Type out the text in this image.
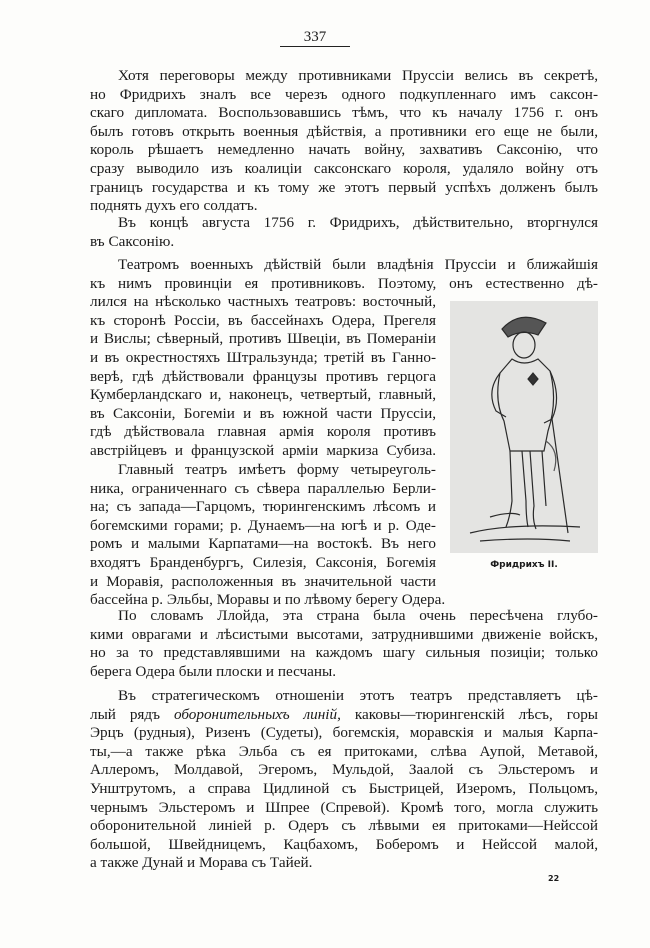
337
Хотя переговоры между противниками Пруссіи велись въ секретѣ,
но Фридрихъ зналъ все черезъ одного подкупленнаго имъ саксон-
скаго дипломата. Воспользовавшись тѣмъ, что къ началу 1756 г. онъ
былъ готовъ открыть военныя дѣйствія, а противники его еще не были,
король рѣшаетъ немедленно начать войну, захвативъ Саксонію, что
сразу выводило изъ коалиціи саксонскаго короля, удаляло войну отъ
границъ государства и къ тому же этотъ первый успѣхъ долженъ былъ
поднять духъ его солдатъ.
Въ концѣ августа 1756 г. Фридрихъ, дѣйствительно, вторгнулся
въ Саксонію.
Театромъ военныхъ дѣйствій были владѣнія Пруссіи и ближайшія
къ нимъ провинціи ея противниковъ. Поэтому, онъ естественно дѣ-
лился на нѣсколько частныхъ театровъ: восточный,
къ сторонѣ Россіи, въ бассейнахъ Одера, Прегеля
и Вислы; сѣверный, противъ Швеціи, въ Помераніи
и въ окрестностяхъ Штральзунда; третій въ Ганно-
верѣ, гдѣ дѣйствовали французы противъ герцога
Кумберландскаго и, наконецъ, четвертый, главный,
въ Саксоніи, Богеміи и въ южной части Пруссіи,
гдѣ дѣйствовала главная армія короля противъ
австрійцевъ и французской арміи маркиза Субиза.
Главный театръ имѣетъ форму четыреуголь-
ника, ограниченнаго съ сѣвера параллелью Берли-
на; съ запада—Гарцомъ, тюрингенскимъ лѣсомъ и
богемскими горами; р. Дунаемъ—на югѣ и р. Оде-
ромъ и малыми Карпатами—на востокѣ. Въ него
входятъ Бранденбургъ, Силезія, Саксонія, Богемія
и Моравія, расположенныя въ значительной части
бассейна р. Эльбы, Моравы и по лѣвому берегу Одера.
По словамъ Ллойда, эта страна была очень пересѣчена глубо-
кими оврагами и лѣсистыми высотами, затруднившими движеніе войскъ,
но за то представлявшими на каждомъ шагу сильныя позиціи; только
берега Одера были плоски и песчаны.
Въ стратегическомъ отношеніи этотъ театръ представляетъ цѣ-
лый рядъ оборонительныхъ линій, каковы—тюрингенскій лѣсъ, горы
Эрцъ (рудныя), Ризенъ (Судеты), богемскія, моравскія и малыя Карпа-
ты,—а также рѣка Эльба съ ея притоками, слѣва Аупой, Метавой,
Аллеромъ, Молдавой, Эгеромъ, Мульдой, Заалой съ Эльстеромъ и
Унштрутомъ, а справа Цидлиной съ Быстрицей, Изеромъ, Польцомъ,
чернымъ Эльстеромъ и Шпрее (Спревой). Кромѣ того, могла служить
оборонительной линіей р. Одеръ съ лѣвыми ея притоками—Нейссой
большой, Швейдницемъ, Кацбахомъ, Боберомъ и Нейссой малой,
а также Дунай и Морава съ Тайей.
Фридрихъ II.
22
